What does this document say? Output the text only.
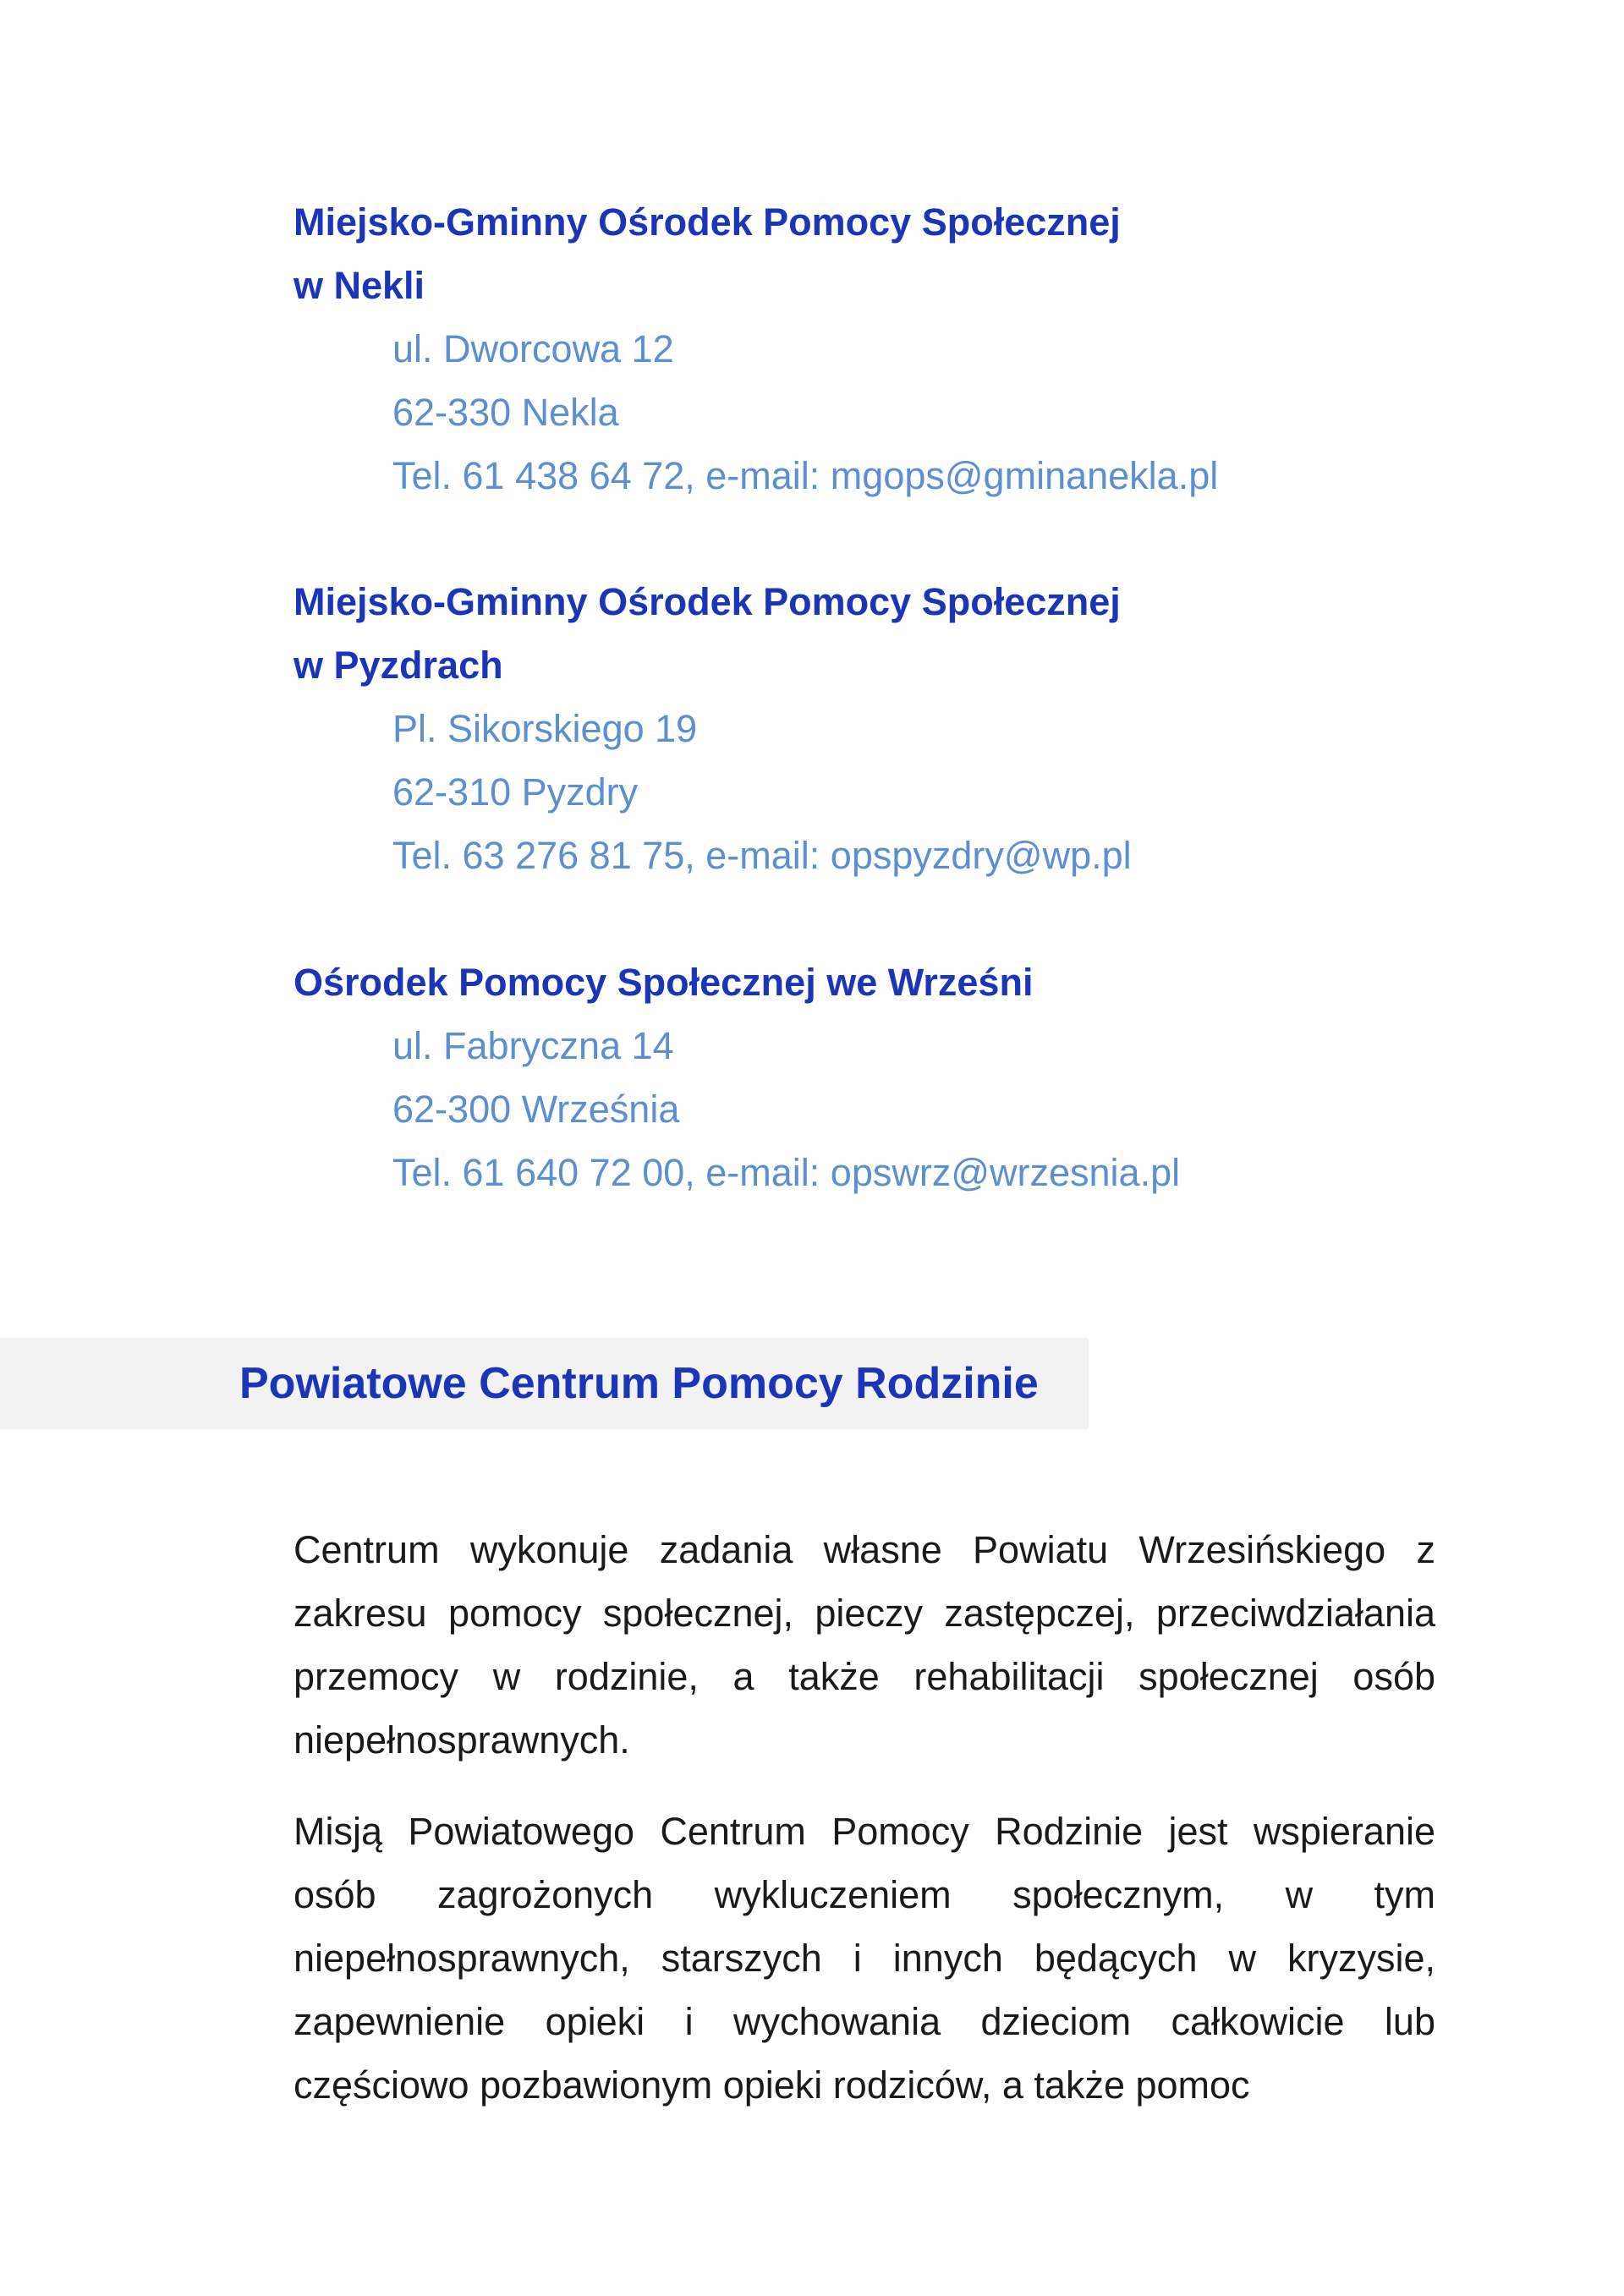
Miejsko-Gminny Ośrodek Pomocy Społecznej

w Nekli

ul. Dworcowa 12

62-330 Nekla

Tel. 61 438 64 72, e-mail: mgops@gminanekla.pl

Miejsko-Gminny Ośrodek Pomocy Społecznej

w Pyzdrach

Pl. Sikorskiego 19

62-310 Pyzdry

Tel. 63 276 81 75, e-mail: opspyzdry@wp.pl

Ośrodek Pomocy Społecznej we Wrześni

ul. Fabryczna 14

62-300 Września

Tel. 61 640 72 00, e-mail: opswrz@wrzesnia.pl

Powiatowe Centrum Pomocy Rodzinie

Centrum wykonuje zadania własne Powiatu Wrzesińskiego z zakresu pomocy społecznej, pieczy zastępczej, przeciwdziałania przemocy w rodzinie, a także rehabilitacji społecznej osób niepełnosprawnych.

Misją Powiatowego Centrum Pomocy Rodzinie jest wspieranie osób zagrożonych wykluczeniem społecznym, w tym niepełnosprawnych, starszych i innych będących w kryzysie, zapewnienie opieki i wychowania dzieciom całkowicie lub częściowo pozbawionym opieki rodziców, a także pomoc
